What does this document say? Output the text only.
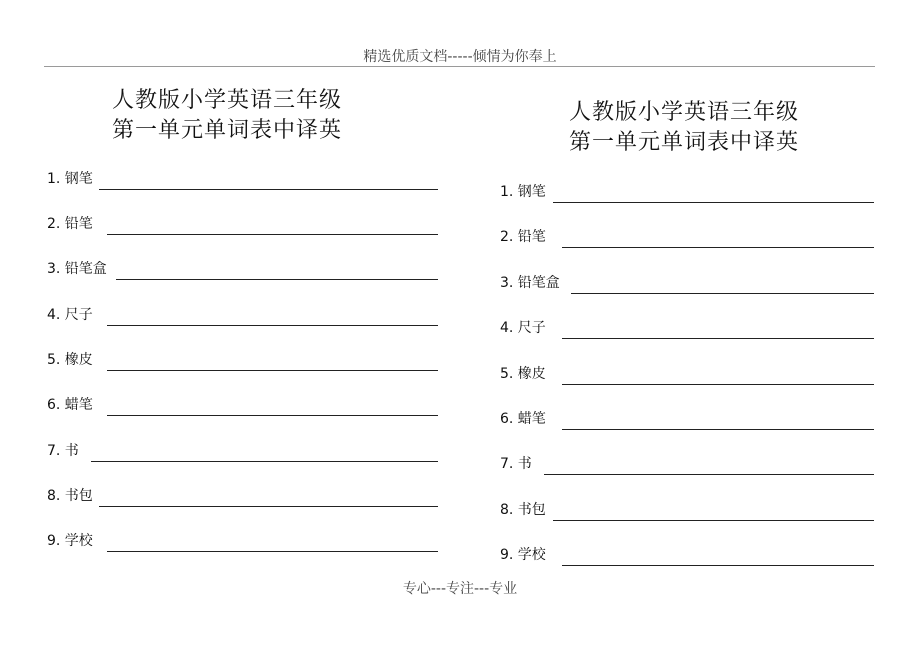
精选优质文档-----倾情为你奉上
人教版小学英语三年级
第一单元单词表中译英
1. 钢笔
2. 铅笔
3. 铅笔盒
4. 尺子
5. 橡皮
6. 蜡笔
7. 书
8. 书包
9. 学校
人教版小学英语三年级
第一单元单词表中译英
1. 钢笔
2. 铅笔
3. 铅笔盒
4. 尺子
5. 橡皮
6. 蜡笔
7. 书
8. 书包
9. 学校
专心---专注---专业
